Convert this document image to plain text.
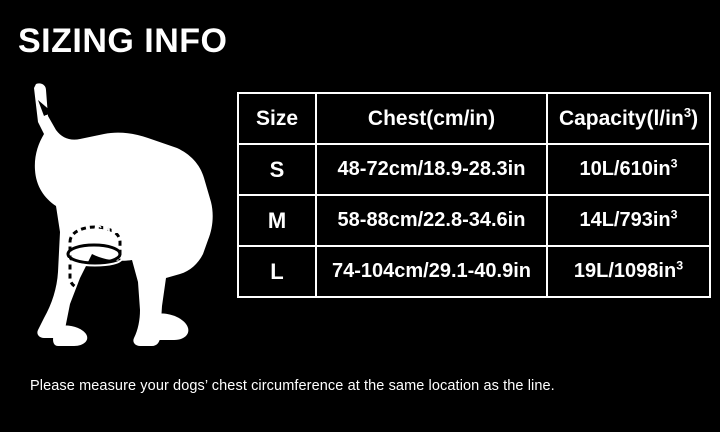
SIZING INFO
CHEST
Size	Chest(cm/in)	$Capacity(l/in^3)$
S	48-72cm/18.9-28.3in	$10L/610in^3$
M	58-88cm/22.8-34.6in	$14L/793in^3$
L	74-104cm/29.1-40.9in	$19L/1098in^3$
Please measure your dogs’ chest circumference at the same location as the line.
